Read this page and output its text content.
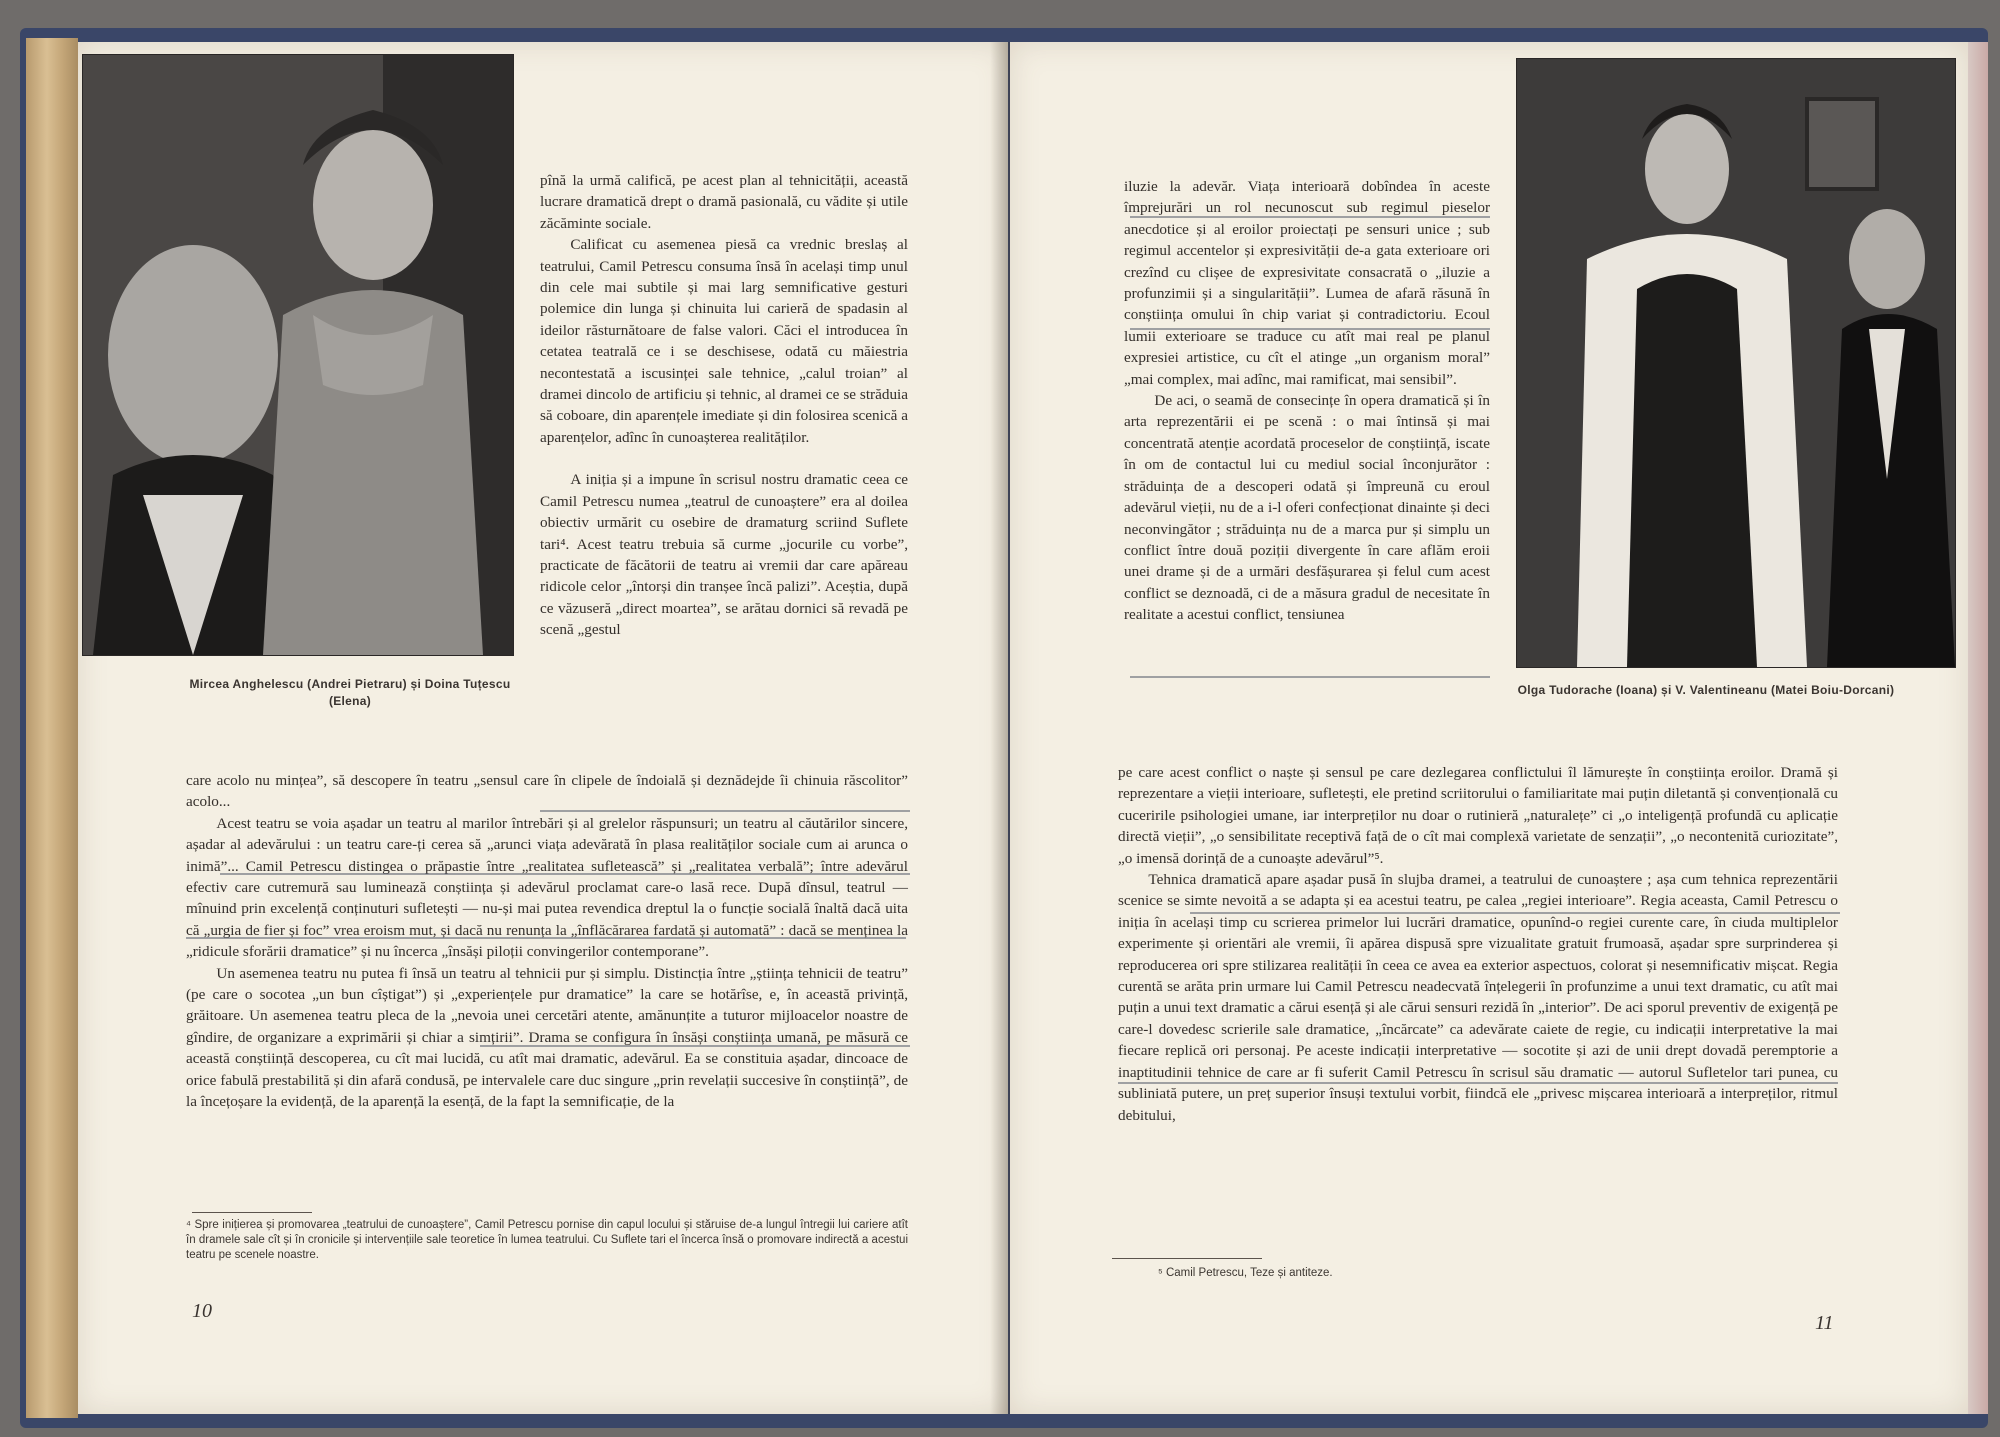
Mircea Anghelescu (Andrei Pietraru) și Doina Tuțescu (Elena)

pînă la urmă califică, pe acest plan al tehnicității, această lucrare dramatică drept o dramă pasională, cu vădite și utile zăcăminte sociale.

Calificat cu asemenea piesă ca vrednic breslaș al teatrului, Camil Petrescu consuma însă în același timp unul din cele mai subtile și mai larg semnificative gesturi polemice din lunga și chinuita lui carieră de spadasin al ideilor răsturnătoare de false valori. Căci el introducea în cetatea teatrală ce i se deschisese, odată cu măiestria necontestată a iscusinței sale tehnice, „calul troian” al dramei dincolo de artificiu și tehnic, al dramei ce se străduia să coboare, din aparențele imediate și din folosirea scenică a aparențelor, adînc în cunoașterea realităților.

A iniția și a impune în scrisul nostru dramatic ceea ce Camil Petrescu numea „teatrul de cunoaștere” era al doilea obiectiv urmărit cu osebire de dramaturg scriind Suflete tari⁴. Acest teatru trebuia să curme „jocurile cu vorbe”, practicate de făcătorii de teatru ai vremii dar care apăreau ridicole celor „întorși din tranșee încă palizi”. Aceștia, după ce văzuseră „direct moartea”, se arătau dornici să revadă pe scenă „gestul

care acolo nu mințea”, să descopere în teatru „sensul care în clipele de îndoială și deznădejde îi chinuia răscolitor” acolo...

Acest teatru se voia așadar un teatru al marilor întrebări și al grelelor răspunsuri; un teatru al căutărilor sincere, așadar al adevărului : un teatru care-ți cerea să „arunci viața adevărată în plasa realităților sociale cum ai arunca o inimă”... Camil Petrescu distingea o prăpastie între „realitatea sufletească” și „realitatea verbală”; între adevărul efectiv care cutremură sau luminează conștiința și adevărul proclamat care-o lasă rece. După dînsul, teatrul — mînuind prin excelență conținuturi sufletești — nu-și mai putea revendica dreptul la o funcție socială înaltă dacă uita că „urgia de fier și foc” vrea eroism mut, și dacă nu renunța la „înflăcărarea fardată și automată” : dacă se menținea la „ridicule sforării dramatice” și nu încerca „însăși piloții convingerilor contemporane”.

Un asemenea teatru nu putea fi însă un teatru al tehnicii pur și simplu. Distincția între „știința tehnicii de teatru” (pe care o socotea „un bun cîștigat”) și „experiențele pur dramatice” la care se hotărîse, e, în această privință, grăitoare. Un asemenea teatru pleca de la „nevoia unei cercetări atente, amănunțite a tuturor mijloacelor noastre de gîndire, de organizare a exprimării și chiar a simțirii”. Drama se configura în însăși conștiința umană, pe măsură ce această conștiință descoperea, cu cît mai lucidă, cu atît mai dramatic, adevărul. Ea se constituia așadar, dincoace de orice fabulă prestabilită și din afară condusă, pe intervalele care duc singure „prin revelații succesive în conștiință”, de la încețoșare la evidență, de la aparență la esență, de la fapt la semnificație, de la

⁴ Spre inițierea și promovarea „teatrului de cunoaștere”, Camil Petrescu pornise din capul locului și stăruise de-a lungul întregii lui cariere atît în dramele sale cît și în cronicile și intervențiile sale teoretice în lumea teatrului. Cu Suflete tari el încerca însă o promovare indirectă a acestui teatru pe scenele noastre.
10

iluzie la adevăr. Viața interioară dobîndea în aceste împrejurări un rol necunoscut sub regimul pieselor anecdotice și al eroilor proiectați pe sensuri unice ; sub regimul accentelor și expresivității de-a gata exterioare ori crezînd cu clișee de expresivitate consacrată o „iluzie a profunzimii și a singularității”. Lumea de afară răsună în conștiința omului în chip variat și contradictoriu. Ecoul lumii exterioare se traduce cu atît mai real pe planul expresiei artistice, cu cît el atinge „un organism moral” „mai complex, mai adînc, mai ramificat, mai sensibil”.

De aci, o seamă de consecințe în opera dramatică și în arta reprezentării ei pe scenă : o mai întinsă și mai concentrată atenție acordată proceselor de conștiință, iscate în om de contactul lui cu mediul social înconjurător : străduința de a descoperi odată și împreună cu eroul adevărul vieții, nu de a i-l oferi confecționat dinainte și deci neconvingător ; străduința nu de a marca pur și simplu un conflict între două poziții divergente în care aflăm eroii unei drame și de a urmări desfășurarea și felul cum acest conflict se deznoadă, ci de a măsura gradul de necesitate în realitate a acestui conflict, tensiunea

Olga Tudorache (Ioana) și V. Valentineanu (Matei Boiu-Dorcani)

pe care acest conflict o naște și sensul pe care dezlegarea conflictului îl lămurește în conștiința eroilor. Dramă și reprezentare a vieții interioare, sufletești, ele pretind scriitorului o familiaritate mai puțin diletantă și convențională cu cuceririle psihologiei umane, iar interpreților nu doar o rutinieră „naturalețe” ci „o inteligență profundă cu aplicație directă vieții”, „o sensibilitate receptivă față de o cît mai complexă varietate de senzații”, „o necontenită curiozitate”, „o imensă dorință de a cunoaște adevărul”⁵.

Tehnica dramatică apare așadar pusă în slujba dramei, a teatrului de cunoaștere ; așa cum tehnica reprezentării scenice se simte nevoită a se adapta și ea acestui teatru, pe calea „regiei interioare”. Regia aceasta, Camil Petrescu o iniția în același timp cu scrierea primelor lui lucrări dramatice, opunînd-o regiei curente care, în ciuda multiplelor experimente și orientări ale vremii, îi apărea dispusă spre vizualitate gratuit frumoasă, așadar spre surprinderea și reproducerea ori spre stilizarea realității în ceea ce avea ea exterior aspectuos, colorat și nesemnificativ mișcat. Regia curentă se arăta prin urmare lui Camil Petrescu neadecvată înțelegerii în profunzime a unui text dramatic, cu atît mai puțin a unui text dramatic a cărui esență și ale cărui sensuri rezidă în „interior”. De aci sporul preventiv de exigență pe care-l dovedesc scrierile sale dramatice, „încărcate” ca adevărate caiete de regie, cu indicații interpretative la mai fiecare replică ori personaj. Pe aceste indicații interpretative — socotite și azi de unii drept dovadă peremptorie a inaptitudinii tehnice de care ar fi suferit Camil Petrescu în scrisul său dramatic — autorul Sufletelor tari punea, cu subliniată putere, un preț superior însuși textului vorbit, fiindcă ele „privesc mișcarea interioară a interpreților, ritmul debitului,

⁵ Camil Petrescu, Teze și antiteze.
11
